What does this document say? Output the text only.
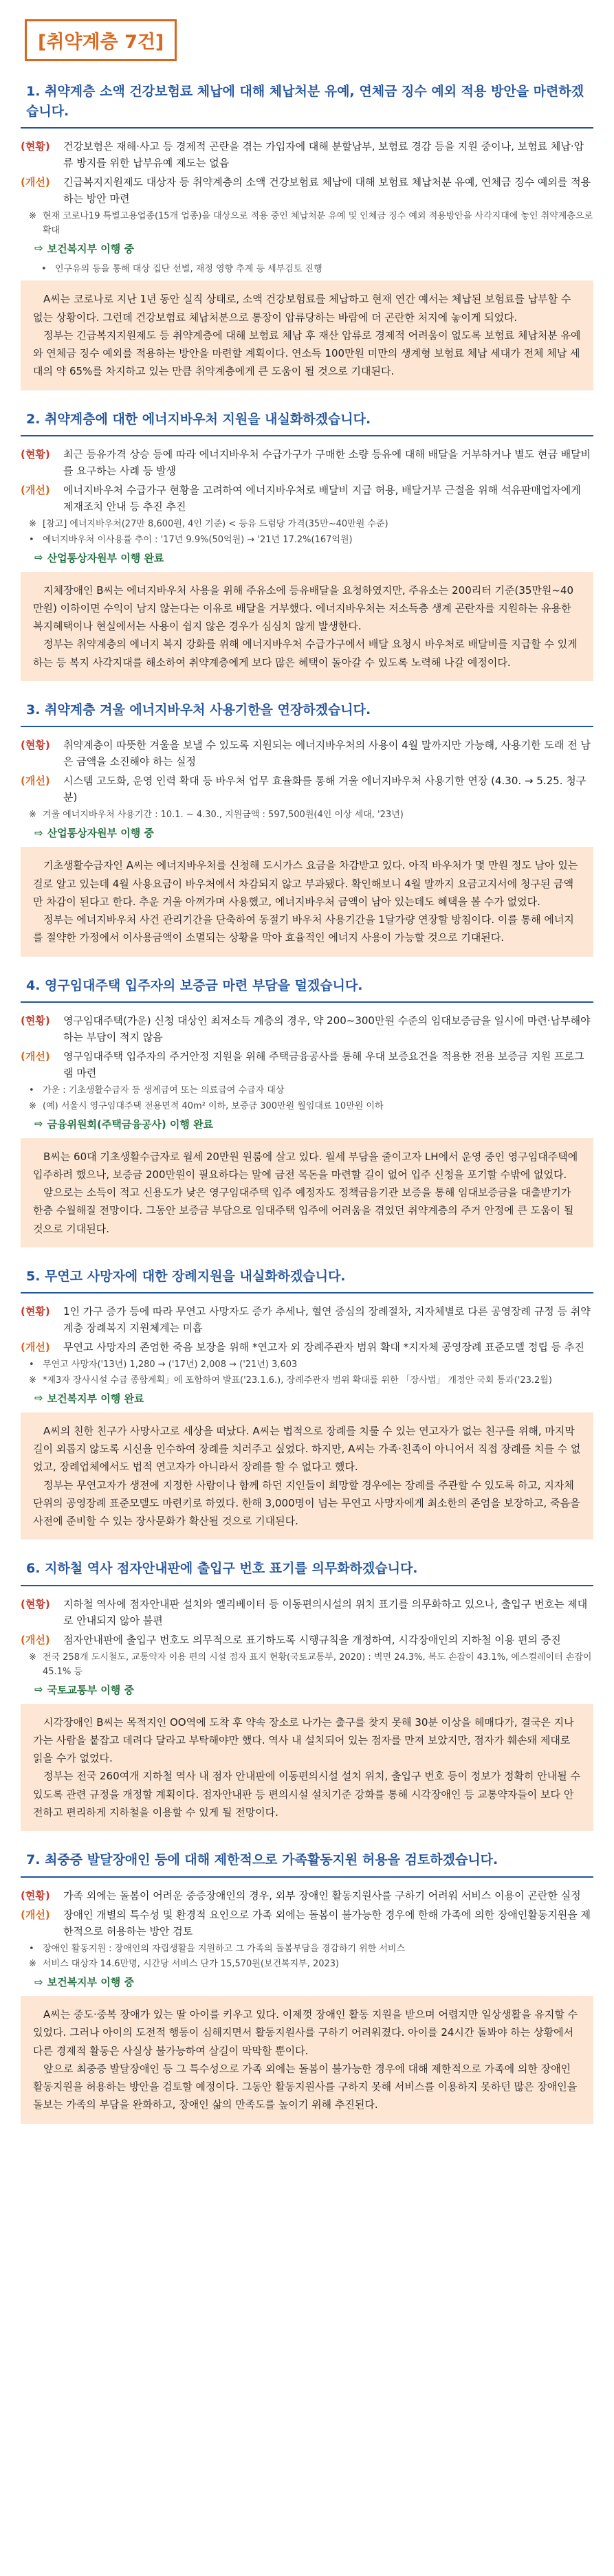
[취약계층 7건]
1. 취약계층 소액 건강보험료 체납에 대해 체납처분 유예, 연체금 징수 예외 적용 방안을 마련하겠습니다.
(현황)	건강보험은 재해·사고 등 경제적 곤란을 겪는 가입자에 대해 분할납부, 보험료 경감 등을 지원 중이나, 보험료 체납·압류 방지를 위한 납부유예 제도는 없음
(개선)	긴급복지지원제도 대상자 등 취약계층의 소액 건강보험료 체납에 대해 보험료 체납처분 유예, 연체금 징수 예외를 적용하는 방안 마련
※ 현재 코로나19 특별고용업종(15개 업종)을 대상으로 적용 중인 체납처분 유예 및 인체금 징수 예외 적용방안을 사각지대에 놓인 취약계층으로 확대
⇨ 보건복지부 이행 중
• 인구유의 등을 통해 대상 집단 선별, 재정 영향 추계 등 세부검토 진행

A씨는 코로나로 지난 1년 동안 실직 상태로, 소액 건강보험료를 체납하고 현재 연간 예서는 체납된 보험료를 납부할 수 없는 상황이다. 그런데 건강보험료 체납처분으로 통장이 압류당하는 바람에 더 곤란한 처지에 놓이게 되었다.

정부는 긴급복지지원제도 등 취약계층에 대해 보험료 체납 후 재산 압류로 경제적 어려움이 없도록 보험료 체납처분 유예와 연체금 징수 예외를 적용하는 방안을 마련할 계획이다. 연소득 100만원 미만의 생계형 보험료 체납 세대가 전체 체납 세대의 약 65%를 차지하고 있는 만큼 취약계층에게 큰 도움이 될 것으로 기대된다.

2. 취약계층에 대한 에너지바우처 지원을 내실화하겠습니다.
(현황)	최근 등유가격 상승 등에 따라 에너지바우처 수급가구가 구매한 소량 등유에 대해 배달을 거부하거나 별도 현금 배달비를 요구하는 사례 등 발생
(개선)	에너지바우처 수급가구 현황을 고려하여 에너지바우처로 배달비 지급 허용, 배달거부 근절을 위해 석유판매업자에게 제재조치 안내 등 추진 추진
※ [참고] 에너지바우처(27만 8,600원, 4인 기준) < 등유 드럼당 가격(35만~40만원 수준)
• 에너지바우처 이사용률 추이 : '17년 9.9%(50억원) → '21년 17.2%(167억원)
⇨ 산업통상자원부 이행 완료

지체장애인 B씨는 에너지바우처 사용을 위해 주유소에 등유배달을 요청하였지만, 주유소는 200리터 기준(35만원~40만원) 이하이면 수익이 남지 않는다는 이유로 배달을 거부했다. 에너지바우처는 저소득층 생계 곤란자를 지원하는 유용한 복지혜택이나 현실에서는 사용이 쉽지 않은 경우가 심심치 않게 발생한다.

정부는 취약계층의 에너지 복지 강화를 위해 에너지바우처 수급가구에서 배달 요청시 바우처로 배달비를 지급할 수 있게 하는 등 복지 사각지대를 해소하여 취약계층에게 보다 많은 혜택이 돌아갈 수 있도록 노력해 나갈 예정이다.

3. 취약계층 겨울 에너지바우처 사용기한을 연장하겠습니다.
(현황)	취약계층이 따뜻한 겨울을 보낼 수 있도록 지원되는 에너지바우처의 사용이 4월 말까지만 가능해, 사용기한 도래 전 남은 금액을 소진해야 하는 실정
(개선)	시스템 고도화, 운영 인력 확대 등 바우처 업무 효율화를 통해 겨울 에너지바우처 사용기한 연장 (4.30. → 5.25. 청구분)
※ 겨울 에너지바우처 사용기간 : 10.1. ~ 4.30., 지원금액 : 597,500원(4인 이상 세대, '23년)
⇨ 산업통상자원부 이행 중

기초생활수급자인 A씨는 에너지바우처를 신청해 도시가스 요금을 차감받고 있다. 아직 바우처가 몇 만원 정도 남아 있는 걸로 알고 있는데 4월 사용요금이 바우처에서 차감되지 않고 부과됐다. 확인해보니 4월 말까지 요금고지서에 청구된 금액만 차감이 된다고 한다. 추운 겨울 아껴가며 사용했고, 에너지바우처 금액이 남아 있는데도 혜택을 볼 수가 없었다.

정부는 에너지바우처 사건 관리기간을 단축하여 동절기 바우처 사용기간을 1달가량 연장할 방침이다. 이를 통해 에너지를 절약한 가정에서 이사용금액이 소멸되는 상황을 막아 효율적인 에너지 사용이 가능할 것으로 기대된다.

4. 영구임대주택 입주자의 보증금 마련 부담을 덜겠습니다.
(현황)	영구임대주택(가운) 신청 대상인 최저소득 계층의 경우, 약 200~300만원 수준의 임대보증금을 일시에 마련·납부해야 하는 부담이 적지 않음
(개선)	영구임대주택 입주자의 주거안정 지원을 위해 주택금융공사를 통해 우대 보증요건을 적용한 전용 보증금 지원 프로그램 마련
• 가운 : 기초생활수급자 등 생계급여 또는 의료급여 수급자 대상
※ (예) 서울시 영구임대주택 전용면적 40m² 이하, 보증금 300만원 월임대료 10만원 이하
⇨ 금융위원회(주택금융공사) 이행 완료

B씨는 60대 기초생활수급자로 월세 20만원 원룸에 살고 있다. 월세 부담을 줄이고자 LH에서 운영 중인 영구임대주택에 입주하려 했으나, 보증금 200만원이 필요하다는 말에 금전 목돈을 마련할 길이 없어 입주 신청을 포기할 수밖에 없었다.

앞으로는 소득이 적고 신용도가 낮은 영구임대주택 입주 예정자도 정책금융기관 보증을 통해 임대보증금을 대출받기가 한층 수월해질 전망이다. 그동안 보증금 부담으로 임대주택 입주에 어려움을 겪었던 취약계층의 주거 안정에 큰 도움이 될 것으로 기대된다.

5. 무연고 사망자에 대한 장례지원을 내실화하겠습니다.
(현황)	1인 가구 증가 등에 따라 무연고 사망자도 증가 추세나, 혈연 중심의 장례절차, 지자체별로 다른 공영장례 규정 등 취약계층 장례복지 지원체계는 미흡
(개선)	무연고 사망자의 존엄한 죽음 보장을 위해 *연고자 외 장례주관자 범위 확대 *지자체 공영장례 표준모델 정립 등 추진
• 무연고 사망자('13년) 1,280 → ('17년) 2,008 → ('21년) 3,603
※ *제3자 장사시설 수급 종합계획」에 포함하여 발표('23.1.6.), 장례주관자 범위 확대를 위한 「장사법」 개정안 국회 통과('23.2월)
⇨ 보건복지부 이행 완료

A씨의 친한 친구가 사망사고로 세상을 떠났다. A씨는 법적으로 장례를 치룰 수 있는 연고자가 없는 친구를 위해, 마지막 길이 외롭지 않도록 시신을 인수하여 장례를 치러주고 싶었다. 하지만, A씨는 가족·친족이 아니어서 직접 장례를 치를 수 없었고, 장례업체에서도 법적 연고자가 아니라서 장례를 할 수 없다고 했다.

정부는 무연고자가 생전에 지정한 사람이나 함께 하던 지인들이 희망할 경우에는 장례를 주관할 수 있도록 하고, 지자체 단위의 공영장례 표준모델도 마련키로 하였다. 한해 3,000명이 넘는 무연고 사망자에게 최소한의 존엄을 보장하고, 죽음을 사전에 준비할 수 있는 장사문화가 확산될 것으로 기대된다.

6. 지하철 역사 점자안내판에 출입구 번호 표기를 의무화하겠습니다.
(현황)	지하철 역사에 점자안내판 설치와 엘리베이터 등 이동편의시설의 위치 표기를 의무화하고 있으나, 출입구 번호는 제대로 안내되지 않아 불편
(개선)	점자안내판에 출입구 번호도 의무적으로 표기하도록 시행규칙을 개정하여, 시각장애인의 지하철 이용 편의 증진
※ 전국 258개 도시철도, 교통약자 이용 편의 시설 점자 표지 현황(국토교통부, 2020) : 벽면 24.3%, 복도 손잡이 43.1%, 에스컬레이터 손잡이 45.1% 등
⇨ 국토교통부 이행 중

시각장애인 B씨는 목적지인 OO역에 도착 후 약속 장소로 나가는 출구를 찾지 못해 30분 이상을 헤매다가, 결국은 지나가는 사람을 붙잡고 데려다 달라고 부탁해야만 했다. 역사 내 설치되어 있는 점자를 만져 보았지만, 점자가 훼손돼 제대로 읽을 수가 없었다.

정부는 전국 260여개 지하철 역사 내 점자 안내판에 이동편의시설 설치 위치, 출입구 번호 등이 정보가 정확히 안내될 수 있도록 관련 규정을 개정할 계획이다. 점자안내판 등 편의시설 설치기준 강화를 통해 시각장애인 등 교통약자들이 보다 안전하고 편리하게 지하철을 이용할 수 있게 될 전망이다.

7. 최중증 발달장애인 등에 대해 제한적으로 가족활동지원 허용을 검토하겠습니다.
(현황)	가족 외에는 돌봄이 어려운 중증장애인의 경우, 외부 장애인 활동지원사를 구하기 어려워 서비스 이용이 곤란한 실정
(개선)	장애인 개별의 특수성 및 환경적 요인으로 가족 외에는 돌봄이 불가능한 경우에 한해 가족에 의한 장애인활동지원을 제한적으로 허용하는 방안 검토
• 장애인 활동지원 : 장애인의 자립생활을 지원하고 그 가족의 돌봄부담을 경감하기 위한 서비스
※ 서비스 대상자 14.6만명, 시간당 서비스 단가 15,570원(보건복지부, 2023)
⇨ 보건복지부 이행 중

A씨는 중도·중복 장애가 있는 딸 아이를 키우고 있다. 이제껏 장애인 활동 지원을 받으며 어렵지만 일상생활을 유지할 수 있었다. 그러나 아이의 도전적 행동이 심해지면서 활동지원사를 구하기 어려워졌다. 아이를 24시간 돌봐야 하는 상황에서 다른 경제적 활동은 사실상 불가능하여 살길이 막막할 뿐이다.

앞으로 최중증 발달장애인 등 그 특수성으로 가족 외에는 돌봄이 불가능한 경우에 대해 제한적으로 가족에 의한 장애인 활동지원을 허용하는 방안을 검토할 예정이다. 그동안 활동지원사를 구하지 못해 서비스를 이용하지 못하던 많은 장애인을 돌보는 가족의 부담을 완화하고, 장애인 삶의 만족도를 높이기 위해 추진된다.
